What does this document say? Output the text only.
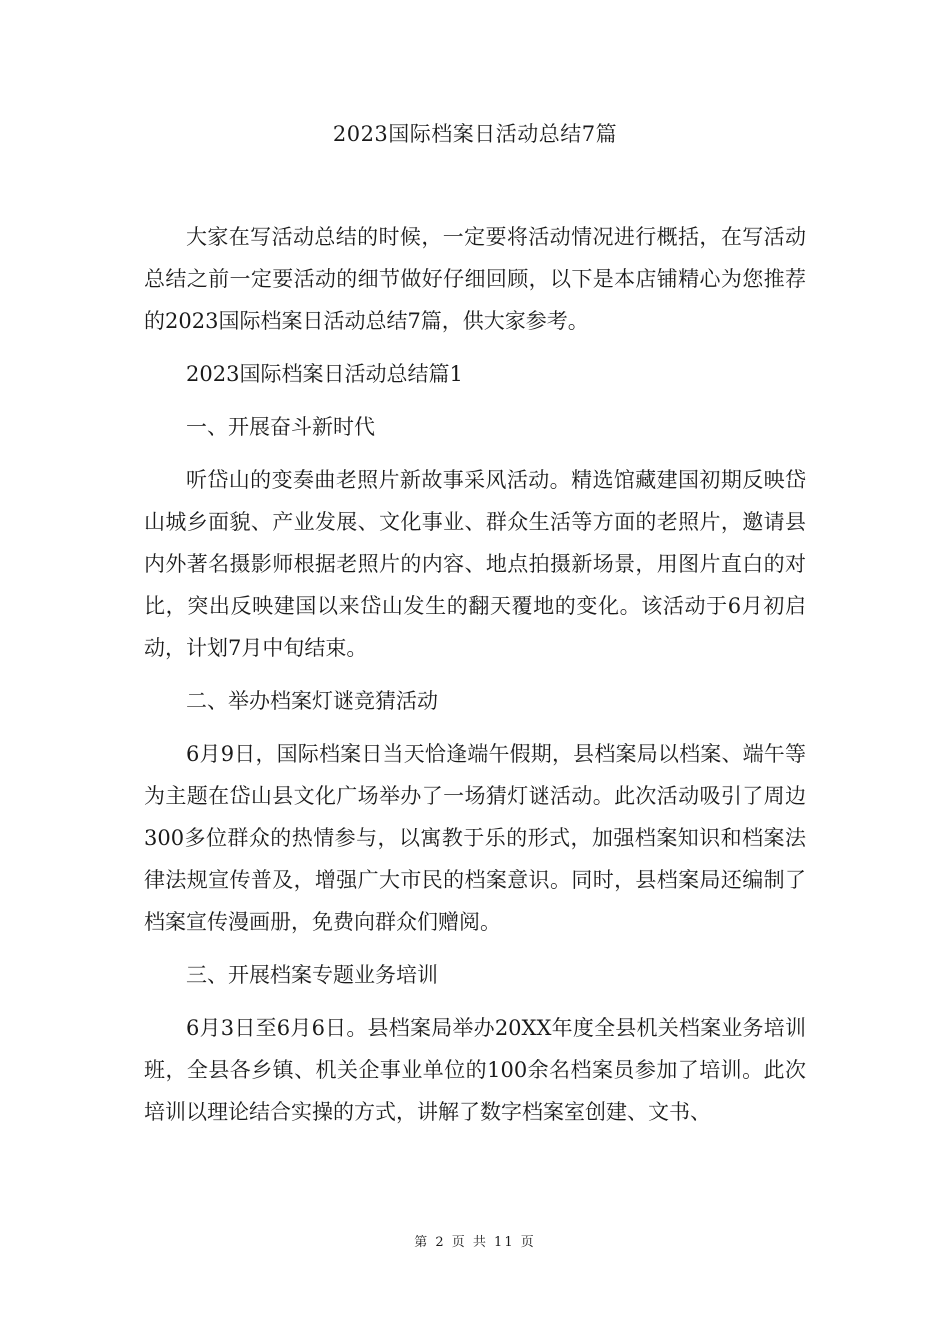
2023国际档案日活动总结7篇

大家在写活动总结的时候，一定要将活动情况进行概括，在写活动总结之前一定要活动的细节做好仔细回顾，以下是本店铺精心为您推荐的2023国际档案日活动总结7篇，供大家参考。

2023国际档案日活动总结篇1

一、开展奋斗新时代

听岱山的变奏曲老照片新故事采风活动。精选馆藏建国初期反映岱山城乡面貌、产业发展、文化事业、群众生活等方面的老照片，邀请县内外著名摄影师根据老照片的内容、地点拍摄新场景，用图片直白的对比，突出反映建国以来岱山发生的翻天覆地的变化。该活动于6月初启动，计划7月中旬结束。

二、举办档案灯谜竞猜活动

6月9日，国际档案日当天恰逢端午假期，县档案局以档案、端午等为主题在岱山县文化广场举办了一场猜灯谜活动。此次活动吸引了周边300多位群众的热情参与，以寓教于乐的形式，加强档案知识和档案法律法规宣传普及，增强广大市民的档案意识。同时，县档案局还编制了档案宣传漫画册，免费向群众们赠阅。

三、开展档案专题业务培训

6月3日至6月6日。县档案局举办20XX年度全县机关档案业务培训班，全县各乡镇、机关企事业单位的100余名档案员参加了培训。此次培训以理论结合实操的方式，讲解了数字档案室创建、文书、

第 2 页 共 11 页
